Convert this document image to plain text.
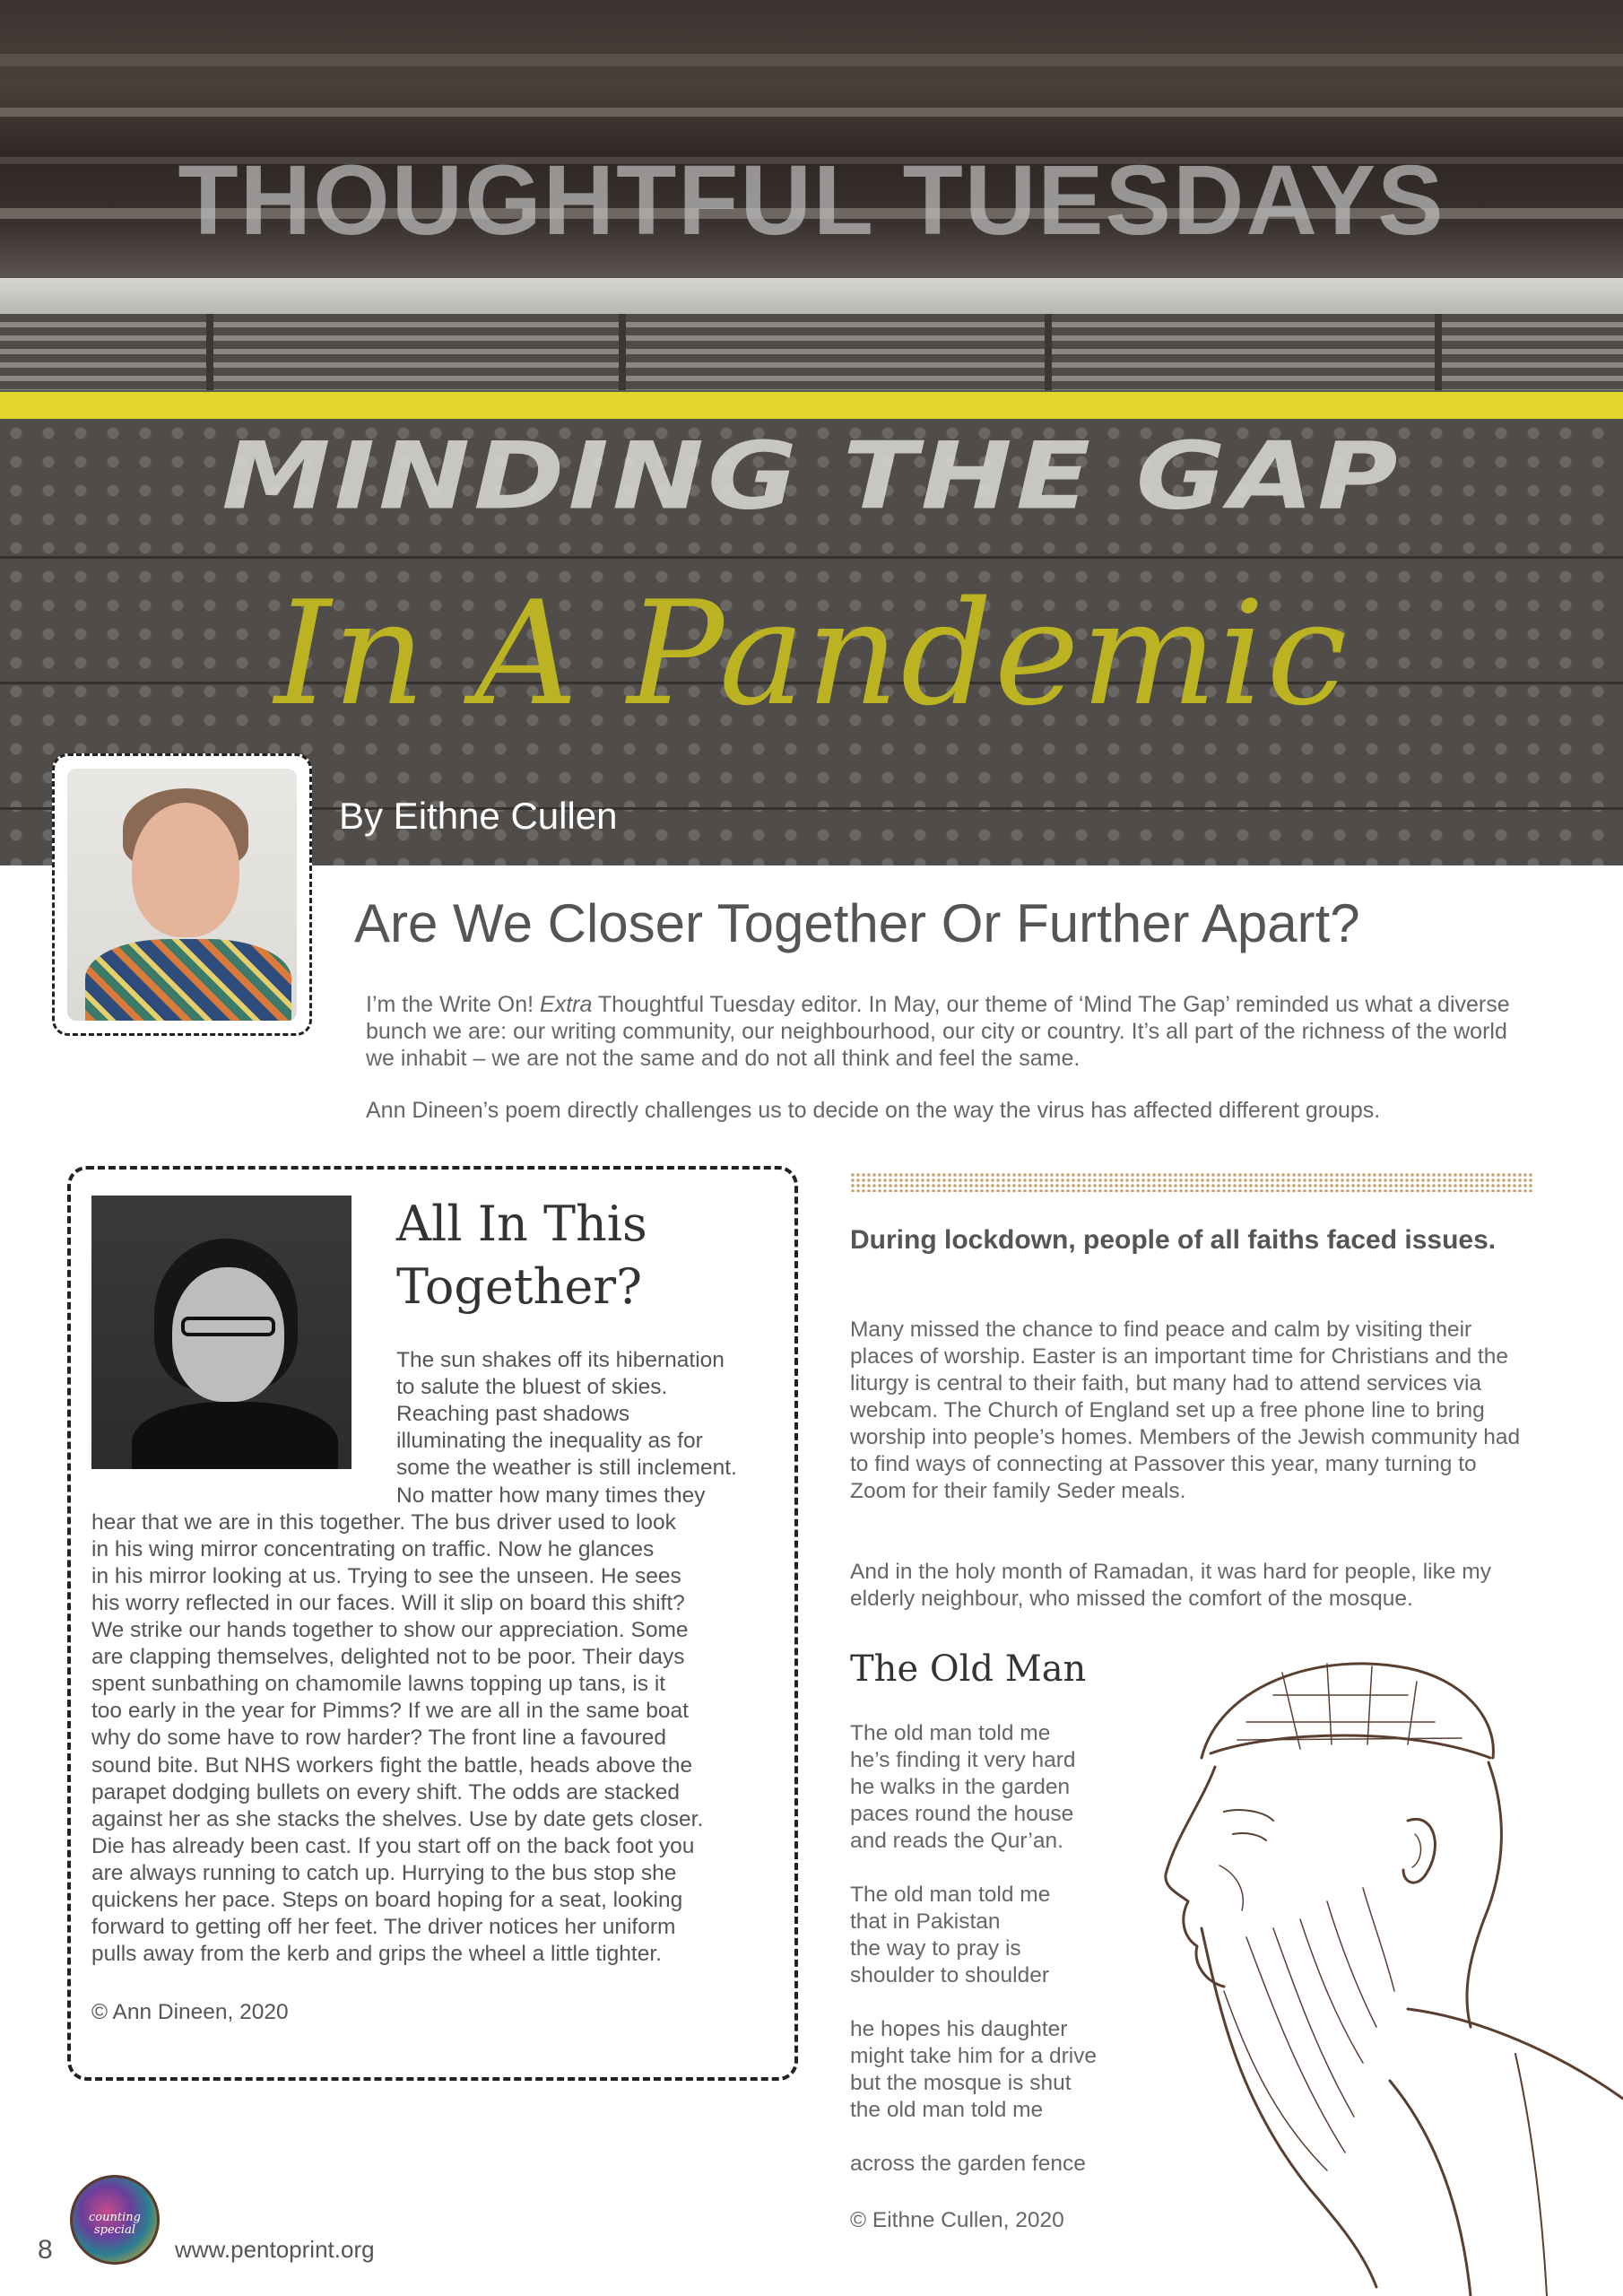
THOUGHTFUL TUESDAYS
MINDING THE GAP
In A Pandemic
By Eithne Cullen
Are We Closer Together Or Further Apart?

I’m the Write On! Extra Thoughtful Tuesday editor. In May, our theme of ‘Mind The Gap’ reminded us what a diverse bunch we are: our writing community, our neighbourhood, our city or country. It’s all part of the richness of the world we inhabit – we are not the same and do not all think and feel the same.

Ann Dineen’s poem directly challenges us to decide on the way the virus has affected different groups.

All In This
Together?
The sun shakes off its hibernation
to salute the bluest of skies.
Reaching past shadows
illuminating the inequality as for
some the weather is still inclement.
No matter how many times they
hear that we are in this together. The bus driver used to look
in his wing mirror concentrating on traffic. Now he glances
in his mirror looking at us. Trying to see the unseen. He sees
his worry reflected in our faces. Will it slip on board this shift?
We strike our hands together to show our appreciation. Some
are clapping themselves, delighted not to be poor. Their days
spent sunbathing on chamomile lawns topping up tans, is it
too early in the year for Pimms? If we are all in the same boat
why do some have to row harder? The front line a favoured
sound bite. But NHS workers fight the battle, heads above the
parapet dodging bullets on every shift. The odds are stacked
against her as she stacks the shelves. Use by date gets closer.
Die has already been cast. If you start off on the back foot you
are always running to catch up. Hurrying to the bus stop she
quickens her pace. Steps on board hoping for a seat, looking
forward to getting off her feet. The driver notices her uniform
pulls away from the kerb and grips the wheel a little tighter.
© Ann Dineen, 2020
During lockdown, people of all faiths faced issues.

Many missed the chance to find peace and calm by visiting their places of worship. Easter is an important time for Christians and the liturgy is central to their faith, but many had to attend services via webcam. The Church of England set up a free phone line to bring worship into people’s homes. Members of the Jewish community had to find ways of connecting at Passover this year, many turning to Zoom for their family Seder meals.

And in the holy month of Ramadan, it was hard for people, like my elderly neighbour, who missed the comfort of the mosque.

The Old Man
The old man told me
he’s finding it very hard
he walks in the garden
paces round the house
and reads the Qur’an.
The old man told me
that in Pakistan
the way to pray is
shoulder to shoulder
he hopes his daughter
might take him for a drive
but the mosque is shut
the old man told me
across the garden fence
© Eithne Cullen, 2020
8
counting
special
www.pentoprint.org
